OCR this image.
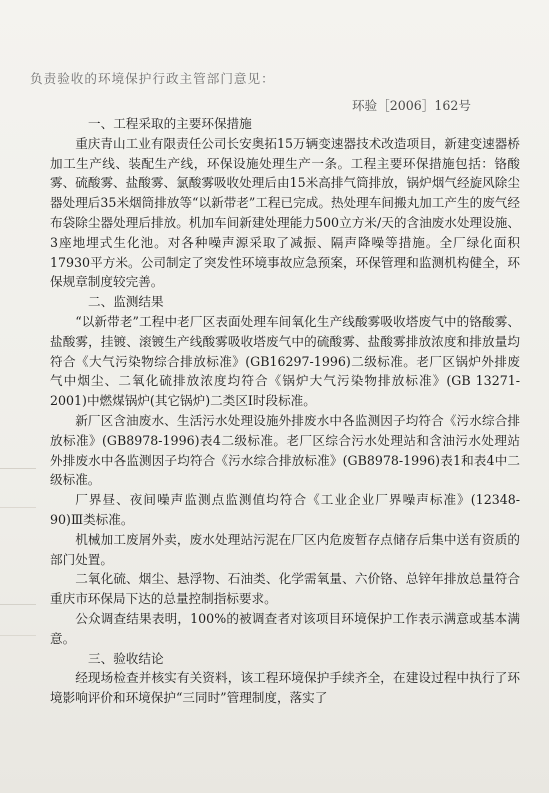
负责验收的环境保护行政主管部门意见：
环验［2006］162号

一、工程采取的主要环保措施

重庆青山工业有限责任公司长安奥拓15万辆变速器技术改造项目，新建变速器桥加工生产线、装配生产线，环保设施处理生产一条。工程主要环保措施包括：铬酸雾、硫酸雾、盐酸雾、氯酸雾吸收处理后由15米高排气筒排放，锅炉烟气经旋风除尘器处理后35米烟筒排放等“以新带老”工程已完成。热处理车间搬丸加工产生的废气经布袋除尘器处理后排放。机加车间新建处理能力500立方米/天的含油废水处理设施、3座地埋式生化池。对各种噪声源采取了减振、隔声降噪等措施。全厂绿化面积17930平方米。公司制定了突发性环境事故应急预案，环保管理和监测机构健全，环保规章制度较完善。

二、监测结果

“以新带老”工程中老厂区表面处理车间氧化生产线酸雾吸收塔废气中的铬酸雾、盐酸雾，挂镀、滚镀生产线酸雾吸收塔废气中的硫酸雾、盐酸雾排放浓度和排放量均符合《大气污染物综合排放标准》(GB16297-1996)二级标准。老厂区锅炉外排废气中烟尘、二氧化硫排放浓度均符合《锅炉大气污染物排放标准》(GB 13271-2001)中燃煤锅炉(其它锅炉)二类区Ⅰ时段标准。

新厂区含油废水、生活污水处理设施外排废水中各监测因子均符合《污水综合排放标准》(GB8978-1996)表4二级标准。老厂区综合污水处理站和含油污水处理站外排废水中各监测因子均符合《污水综合排放标准》(GB8978-1996)表1和表4中二级标准。

厂界昼、夜间噪声监测点监测值均符合《工业企业厂界噪声标准》(12348-90)Ⅲ类标准。

机械加工废屑外卖，废水处理站污泥在厂区内危废暂存点储存后集中送有资质的部门处置。

二氧化硫、烟尘、悬浮物、石油类、化学需氧量、六价铬、总锌年排放总量符合重庆市环保局下达的总量控制指标要求。

公众调查结果表明，100%的被调查者对该项目环境保护工作表示满意或基本满意。

三、验收结论

经现场检查并核实有关资料，该工程环境保护手续齐全，在建设过程中执行了环境影响评价和环境保护“三同时”管理制度，落实了
